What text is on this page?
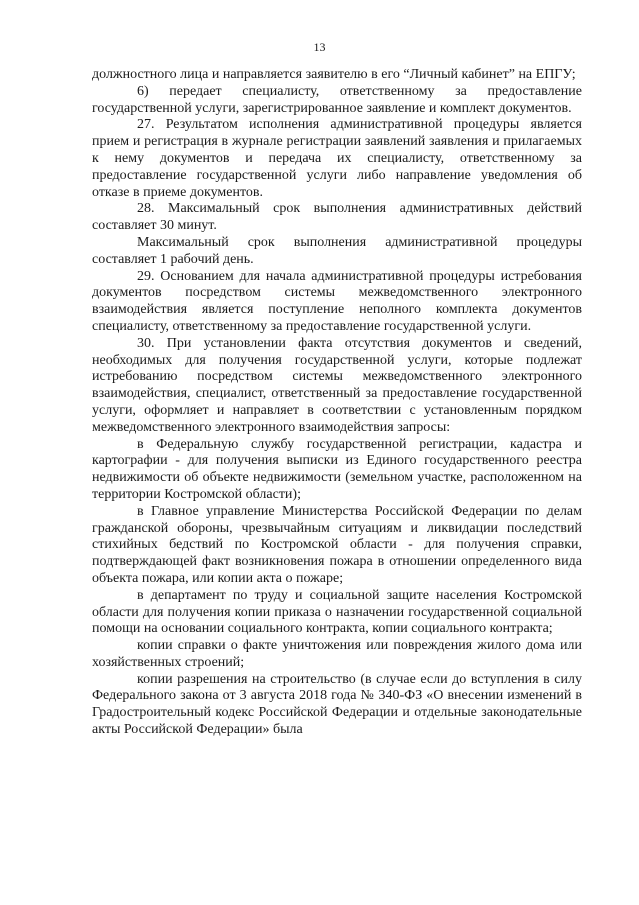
13

должностного лица и направляется заявителю в его “Личный кабинет” на ЕПГУ;

6) передает специалисту, ответственному за предоставление государственной услуги, зарегистрированное заявление и комплект документов.

27. Результатом исполнения административной процедуры является прием и регистрация в журнале регистрации заявлений заявления и прилагаемых к нему документов и передача их специалисту, ответственному за предоставление государственной услуги либо направление уведомления об отказе в приеме документов.

28. Максимальный срок выполнения административных действий составляет 30 минут.

Максимальный срок выполнения административной процедуры составляет 1 рабочий день.

29. Основанием для начала административной процедуры истребования документов посредством системы межведомственного электронного взаимодействия является поступление неполного комплекта документов специалисту, ответственному за предоставление государственной услуги.

30. При установлении факта отсутствия документов и сведений, необходимых для получения государственной услуги, которые подлежат истребованию посредством системы межведомственного электронного взаимодействия, специалист, ответственный за предоставление государственной услуги, оформляет и направляет в соответствии с установленным порядком межведомственного электронного взаимодействия запросы:

в Федеральную службу государственной регистрации, кадастра и картографии - для получения выписки из Единого государственного реестра недвижимости об объекте недвижимости (земельном участке, расположенном на территории Костромской области);

в Главное управление Министерства Российской Федерации по делам гражданской обороны, чрезвычайным ситуациям и ликвидации последствий стихийных бедствий по Костромской области - для получения справки, подтверждающей факт возникновения пожара в отношении определенного вида объекта пожара, или копии акта о пожаре;

в департамент по труду и социальной защите населения Костромской области для получения копии приказа о назначении государственной социальной помощи на основании социального контракта, копии социального контракта;

копии справки о факте уничтожения или повреждения жилого дома или хозяйственных строений;

копии разрешения на строительство (в случае если до вступления в силу Федерального закона от 3 августа 2018 года № 340-ФЗ «О внесении изменений в Градостроительный кодекс Российской Федерации и отдельные законодательные акты Российской Федерации» была
